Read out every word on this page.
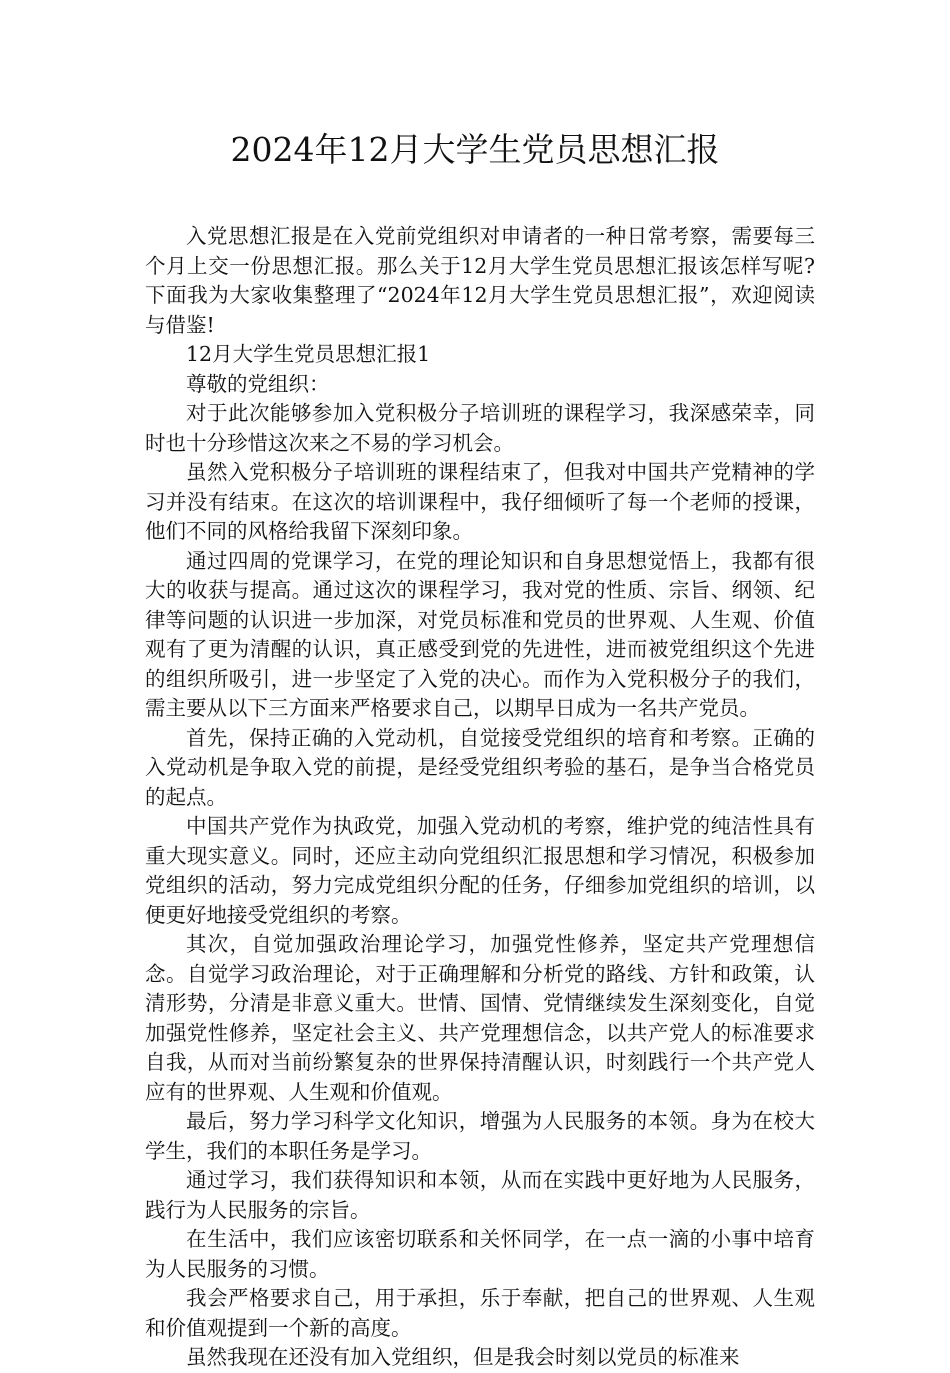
2024年12月大学生党员思想汇报

入党思想汇报是在入党前党组织对申请者的一种日常考察，需要每三个月上交一份思想汇报。那么关于12月大学生党员思想汇报该怎样写呢?下面我为大家收集整理了“2024年12月大学生党员思想汇报”，欢迎阅读与借鉴!

12月大学生党员思想汇报1

尊敬的党组织：

对于此次能够参加入党积极分子培训班的课程学习，我深感荣幸，同时也十分珍惜这次来之不易的学习机会。

虽然入党积极分子培训班的课程结束了，但我对中国共产党精神的学习并没有结束。在这次的培训课程中，我仔细倾听了每一个老师的授课，他们不同的风格给我留下深刻印象。

通过四周的党课学习，在党的理论知识和自身思想觉悟上，我都有很大的收获与提高。通过这次的课程学习，我对党的性质、宗旨、纲领、纪律等问题的认识进一步加深，对党员标准和党员的世界观、人生观、价值观有了更为清醒的认识，真正感受到党的先进性，进而被党组织这个先进的组织所吸引，进一步坚定了入党的决心。而作为入党积极分子的我们，需主要从以下三方面来严格要求自己，以期早日成为一名共产党员。

首先，保持正确的入党动机，自觉接受党组织的培育和考察。正确的入党动机是争取入党的前提，是经受党组织考验的基石，是争当合格党员的起点。

中国共产党作为执政党，加强入党动机的考察，维护党的纯洁性具有重大现实意义。同时，还应主动向党组织汇报思想和学习情况，积极参加党组织的活动，努力完成党组织分配的任务，仔细参加党组织的培训，以便更好地接受党组织的考察。

其次，自觉加强政治理论学习，加强党性修养，坚定共产党理想信念。自觉学习政治理论，对于正确理解和分析党的路线、方针和政策，认清形势，分清是非意义重大。世情、国情、党情继续发生深刻变化，自觉加强党性修养，坚定社会主义、共产党理想信念，以共产党人的标准要求自我，从而对当前纷繁复杂的世界保持清醒认识，时刻践行一个共产党人应有的世界观、人生观和价值观。

最后，努力学习科学文化知识，增强为人民服务的本领。身为在校大学生，我们的本职任务是学习。

通过学习，我们获得知识和本领，从而在实践中更好地为人民服务，践行为人民服务的宗旨。

在生活中，我们应该密切联系和关怀同学，在一点一滴的小事中培育为人民服务的习惯。

我会严格要求自己，用于承担，乐于奉献，把自己的世界观、人生观和价值观提到一个新的高度。

虽然我现在还没有加入党组织，但是我会时刻以党员的标准来
